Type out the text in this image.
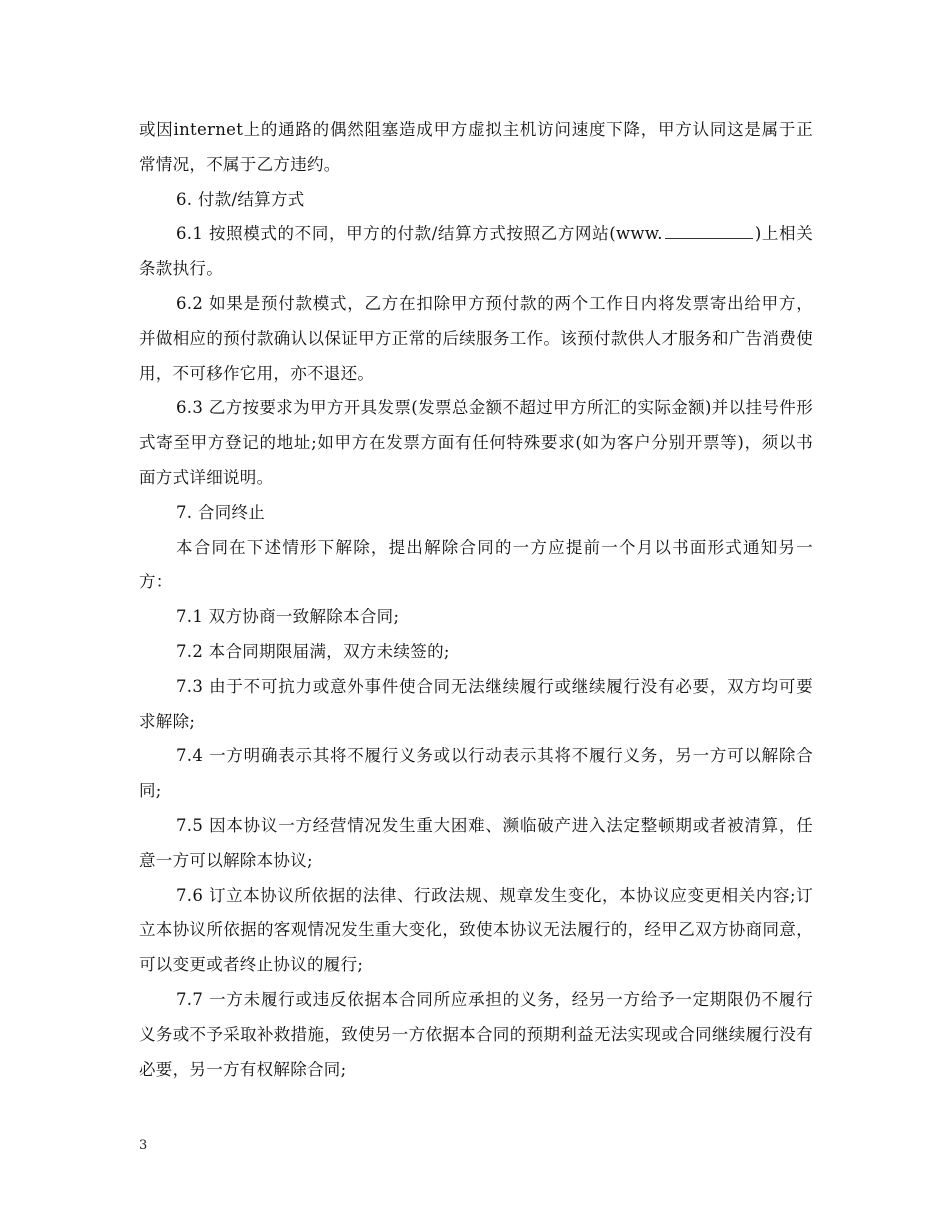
或因internet上的通路的偶然阻塞造成甲方虚拟主机访问速度下降，甲方认同这是属于正常情况，不属于乙方违约。

6. 付款/结算方式

6.1 按照模式的不同，甲方的付款/结算方式按照乙方网站(www.	)上相关条款执行。

6.2 如果是预付款模式，乙方在扣除甲方预付款的两个工作日内将发票寄出给甲方，并做相应的预付款确认以保证甲方正常的后续服务工作。该预付款供人才服务和广告消费使用，不可移作它用，亦不退还。

6.3 乙方按要求为甲方开具发票(发票总金额不超过甲方所汇的实际金额)并以挂号件形式寄至甲方登记的地址;如甲方在发票方面有任何特殊要求(如为客户分别开票等)，须以书面方式详细说明。

7. 合同终止

本合同在下述情形下解除，提出解除合同的一方应提前一个月以书面形式通知另一方：

7.1 双方协商一致解除本合同;

7.2 本合同期限届满，双方未续签的;

7.3 由于不可抗力或意外事件使合同无法继续履行或继续履行没有必要，双方均可要求解除;

7.4 一方明确表示其将不履行义务或以行动表示其将不履行义务，另一方可以解除合同;

7.5 因本协议一方经营情况发生重大困难、濒临破产进入法定整顿期或者被清算，任意一方可以解除本协议;

7.6 订立本协议所依据的法律、行政法规、规章发生变化，本协议应变更相关内容;订立本协议所依据的客观情况发生重大变化，致使本协议无法履行的，经甲乙双方协商同意，可以变更或者终止协议的履行;

7.7 一方未履行或违反依据本合同所应承担的义务，经另一方给予一定期限仍不履行义务或不予采取补救措施，致使另一方依据本合同的预期利益无法实现或合同继续履行没有必要，另一方有权解除合同;

3
